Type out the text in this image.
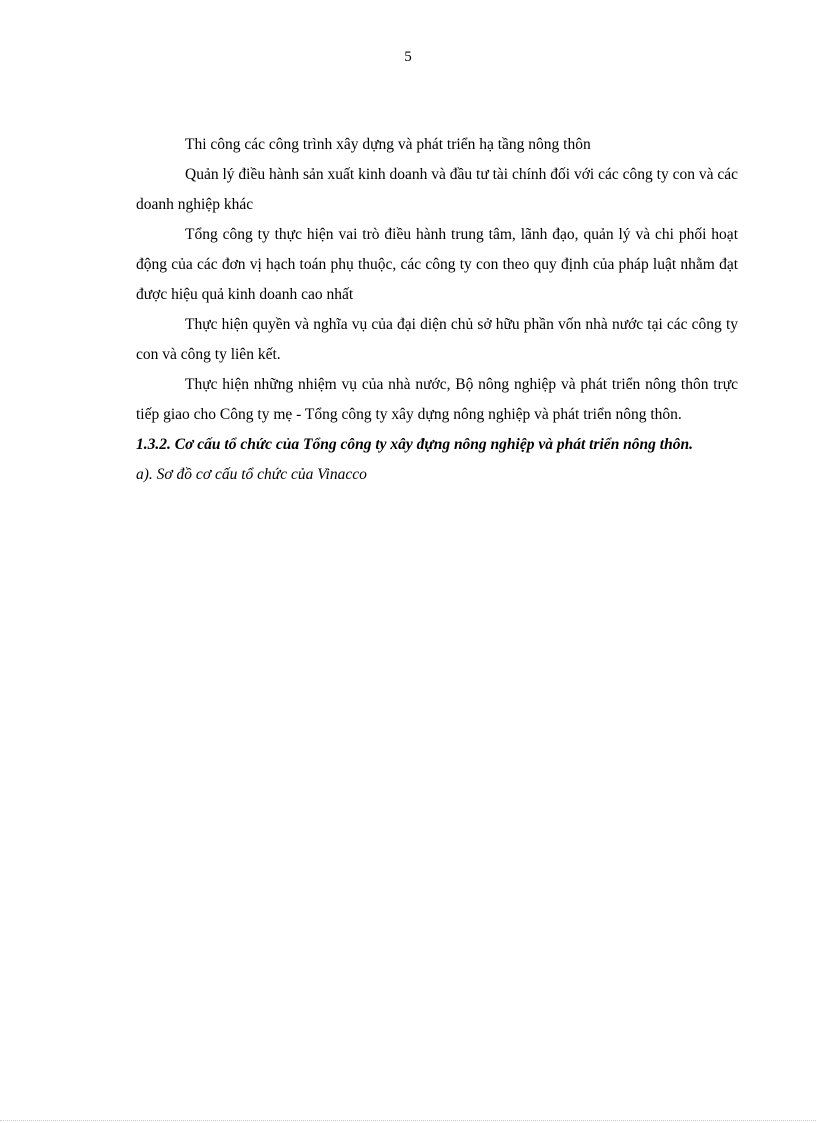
5

Thi công các công trình xây dựng và phát triển hạ tầng nông thôn

Quản lý điều hành sản xuất kinh doanh và đầu tư tài chính đối với các công ty con và các doanh nghiệp khác

Tổng công ty thực hiện vai trò điều hành trung tâm, lãnh đạo, quản lý và chi phối hoạt động của các đơn vị hạch toán phụ thuộc, các công ty con theo quy định của pháp luật nhằm đạt được hiệu quả kinh doanh cao nhất

Thực hiện quyền và nghĩa vụ của đại diện chủ sở hữu phần vốn nhà nước tại các công ty con và công ty liên kết.

Thực hiện những nhiệm vụ của nhà nước, Bộ nông nghiệp và phát triển nông thôn trực tiếp giao cho Công ty mẹ - Tổng công ty xây dựng nông nghiệp và phát triển nông thôn.

1.3.2. Cơ cấu tổ chức của Tổng công ty xây đựng nông nghiệp và phát triển nông thôn.

a). Sơ đồ cơ cấu tổ chức của Vinacco
